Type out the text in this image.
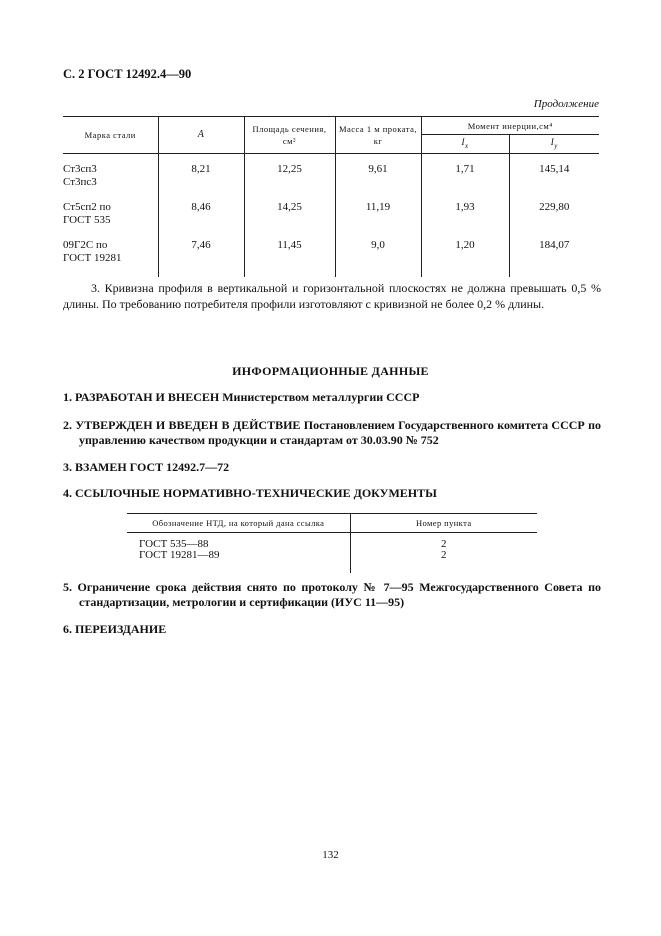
С. 2 ГОСТ 12492.4—90
Продолжение
Марка стали	A	Площадь сечения, см²	Масса 1 м проката, кг	Момент инерции,см⁴	
				$I_x$	$I_y$

Ст3сп3
Ст3пс3	8,21	12,25	9,61	1,71	145,14

Ст5сп2 по
ГОСТ 535	8,46	14,25	11,19	1,93	229,80

09Г2С по
ГОСТ 19281	7,46	11,45	9,0	1,20	184,07
3. Кривизна профиля в вертикальной и горизонтальной плоскостях не должна превышать 0,5 % длины. По требованию потребителя профили изготовляют с кривизной не более 0,2 % длины.
ИНФОРМАЦИОННЫЕ ДАННЫЕ
1. РАЗРАБОТАН И ВНЕСЕН Министерством металлургии СССР
2. УТВЕРЖДЕН И ВВЕДЕН В ДЕЙСТВИЕ Постановлением Государственного комитета СССР по управлению качеством продукции и стандартам от 30.03.90 № 752
3. ВЗАМЕН ГОСТ 12492.7—72
4. ССЫЛОЧНЫЕ НОРМАТИВНО-ТЕХНИЧЕСКИЕ ДОКУМЕНТЫ
Обозначение НТД, на который дана ссылка	Номер пункта
ГОСТ 535—88	2
ГОСТ 19281—89	2
5. Ограничение срока действия снято по протоколу № 7—95 Межгосударственного Совета по стандартизации, метрологии и сертификации (ИУС 11—95)
6. ПЕРЕИЗДАНИЕ
132
